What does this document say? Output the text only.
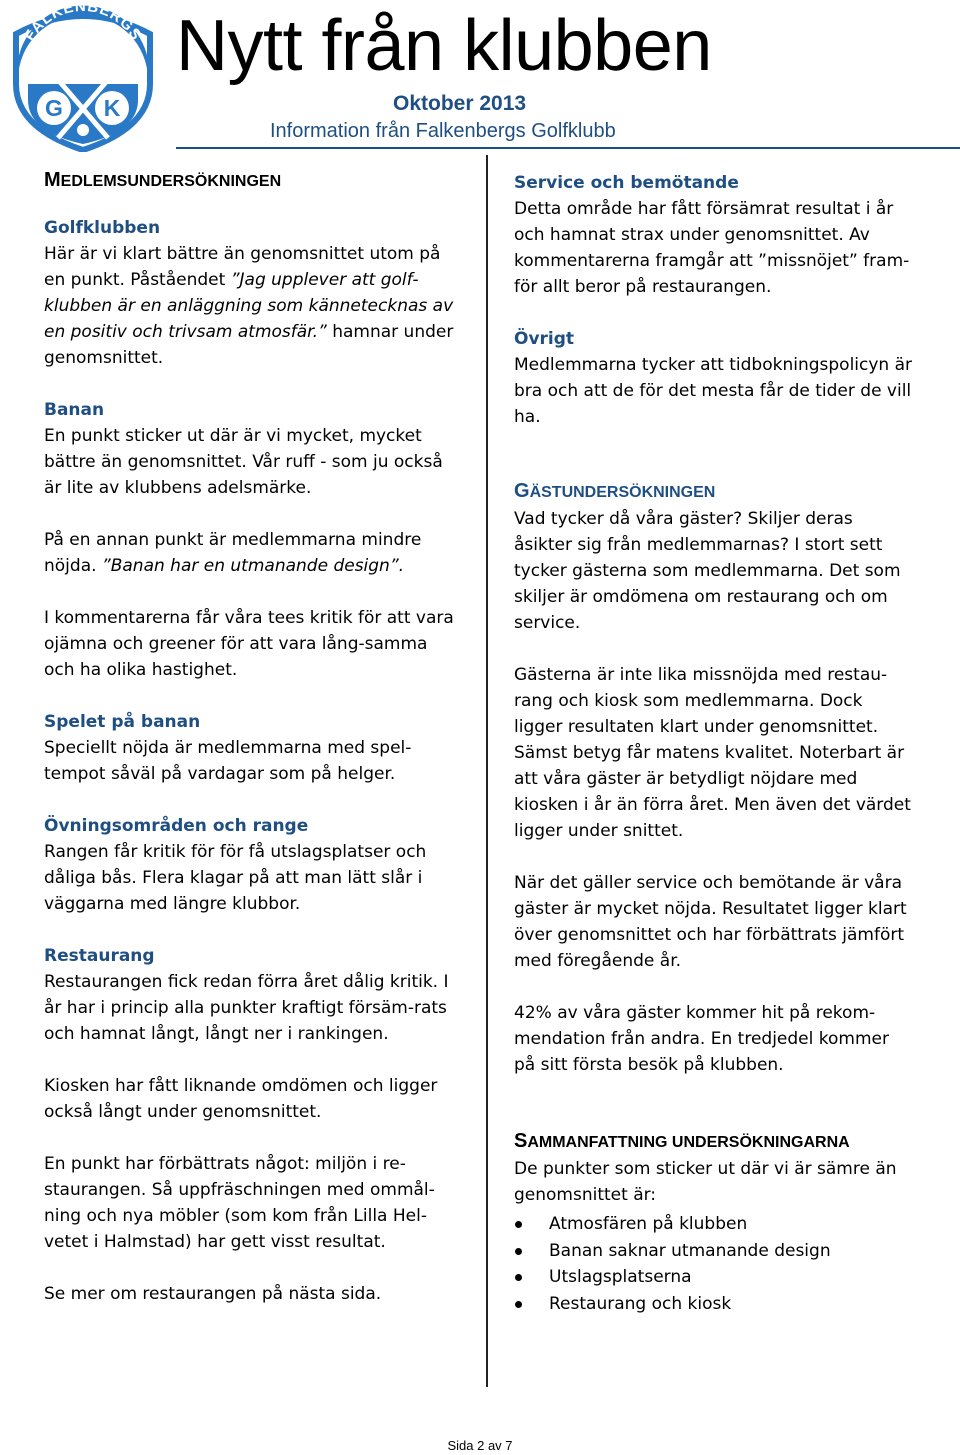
FALKENBERGS
G K
Nytt från klubben
Oktober 2013
Information från Falkenbergs Golfklubb
MEDLEMSUNDERSÖKNINGEN
Golfklubben

Här är vi klart bättre än genomsnittet utom på en punkt. Påståendet ”Jag upplever att golf-klubben är en anläggning som kännetecknas av en positiv och trivsam atmosfär.” hamnar under genomsnittet.

Banan

En punkt sticker ut där är vi mycket, mycket bättre än genomsnittet. Vår ruff - som ju också är lite av klubbens adelsmärke.

På en annan punkt är medlemmarna mindre nöjda. ”Banan har en utmanande design”.

I kommentarerna får våra tees kritik för att vara ojämna och greener för att vara lång-samma och ha olika hastighet.

Spelet på banan

Speciellt nöjda är medlemmarna med spel-tempot såväl på vardagar som på helger.

Övningsområden och range

Rangen får kritik för för få utslagsplatser och dåliga bås. Flera klagar på att man lätt slår i väggarna med längre klubbor.

Restaurang

Restaurangen fick redan förra året dålig kritik. I år har i princip alla punkter kraftigt försäm-rats och hamnat långt, långt ner i rankingen.

Kiosken har fått liknande omdömen och ligger också långt under genomsnittet.

En punkt har förbättrats något: miljön i re-staurangen. Så uppfräschningen med ommål-ning och nya möbler (som kom från Lilla Hel-vetet i Halmstad) har gett visst resultat.

Se mer om restaurangen på nästa sida.

Service och bemötande

Detta område har fått försämrat resultat i år och hamnat strax under genomsnittet. Av kommentarerna framgår att ”missnöjet” fram-för allt beror på restaurangen.

Övrigt

Medlemmarna tycker att tidbokningspolicyn är bra och att de för det mesta får de tider de vill ha.

GÄSTUNDERSÖKNINGEN

Vad tycker då våra gäster? Skiljer deras åsikter sig från medlemmarnas? I stort sett tycker gästerna som medlemmarna. Det som skiljer är omdömena om restaurang och om service.

Gästerna är inte lika missnöjda med restau-rang och kiosk som medlemmarna. Dock ligger resultaten klart under genomsnittet. Sämst betyg får matens kvalitet. Noterbart är att våra gäster är betydligt nöjdare med kiosken i år än förra året. Men även det värdet ligger under snittet.

När det gäller service och bemötande är våra gäster är mycket nöjda. Resultatet ligger klart över genomsnittet och har förbättrats jämfört med föregående år.

42% av våra gäster kommer hit på rekom-mendation från andra. En tredjedel kommer på sitt första besök på klubben.

SAMMANFATTNING UNDERSÖKNINGARNA

De punkter som sticker ut där vi är sämre än genomsnittet är:

Atmosfären på klubben
Banan saknar utmanande design
Utslagsplatserna
Restaurang och kiosk
Sida 2 av 7
